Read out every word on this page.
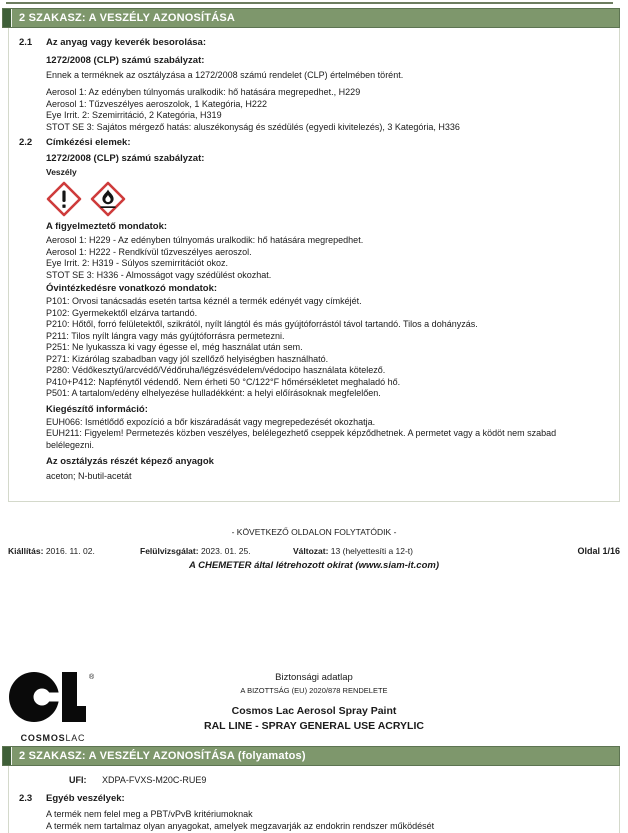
2 SZAKASZ: A VESZÉLY AZONOSÍTÁSA
2.1	Az anyag vagy keverék besorolása:
1272/2008 (CLP) számú szabályzat:
Ennek a terméknek az osztályzása a 1272/2008 számú rendelet (CLP) értelmében törént.
Aerosol 1: Az edényben túlnyomás uralkodik: hő hatására megrepedhet., H229
Aerosol 1: Tűzveszélyes aeroszolok, 1 Kategória, H222
Eye Irrit. 2: Szemirritáció, 2 Kategória, H319
STOT SE 3: Sajátos mérgező hatás: aluszékonyság és szédülés (egyedi kivitelezés), 3 Kategória, H336
2.2	Címkézési elemek:
1272/2008 (CLP) számú szabályzat:
Veszély
A figyelmeztető mondatok:
Aerosol 1: H229 - Az edényben túlnyomás uralkodik: hő hatására megrepedhet.
Aerosol 1: H222 - Rendkívül tűzveszélyes aeroszol.
Eye Irrit. 2: H319 - Súlyos szemirritációt okoz.
STOT SE 3: H336 - Almosságot vagy szédülést okozhat.
Óvintézkedésre vonatkozó mondatok:
P101: Orvosi tanácsadás esetén tartsa kéznél a termék edényét vagy címkéjét.
P102: Gyermekektől elzárva tartandó.
P210: Hőtől, forró felületektől, szikrától, nyílt lángtól és más gyújtóforrástól távol tartandó. Tilos a dohányzás.
P211: Tilos nyílt lángra vagy más gyújtóforrásra permetezni.
P251: Ne lyukassza ki vagy égesse el, még használat után sem.
P271: Kizárólag szabadban vagy jól szellőző helyiségben használható.
P280: Védőkesztyű/arcvédő/Védőruha/légzésvédelem/védocipo használata kötelező.
P410+P412: Napfénytől védendő. Nem érheti 50 °C/122°F hőmérsékletet meghaladó hő.
P501: A tartalom/edény elhelyezése hulladékként: a helyi előírásoknak megfelelően.
Kiegészítő információ:
EUH066: Ismétlődő expozíció a bőr kiszáradását vagy megrepedezését okozhatja.
EUH211: Figyelem! Permetezés közben veszélyes, belélegezhető cseppek képződhetnek. A permetet vagy a ködöt nem szabad belélegezni.
Az osztályzás részét képező anyagok
aceton; N-butil-acetát
- KÖVETKEZŐ OLDALON FOLYTATÓDIK -
Kiállítás: 2016. 11. 02.	Felülvizsgálat: 2023. 01. 25.	Változat: 13 (helyettesíti a 12-t)	Oldal 1/16
A CHEMETER által létrehozott okirat (www.siam-it.com)
®
COSMOSLAC
Biztonsági adatlap
A BIZOTTSÁG (EU) 2020/878 RENDELETE
Cosmos Lac Aerosol Spray Paint
RAL LINE - SPRAY GENERAL USE ACRYLIC
2 SZAKASZ: A VESZÉLY AZONOSÍTÁSA (folyamatos)
UFI: XDPA-FVXS-M20C-RUE9
2.3	Egyéb veszélyek:
A termék nem felel meg a PBT/vPvB kritériumoknak
A termék nem tartalmaz olyan anyagokat, amelyek megzavarják az endokrin rendszer működését
